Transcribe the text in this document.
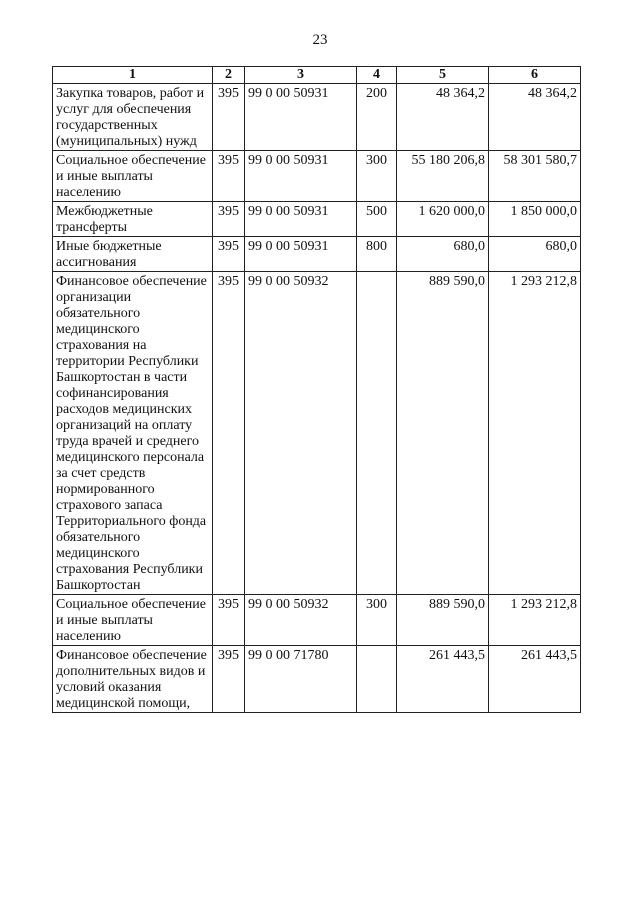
23
1	2	3	4	5	6
Закупка товаров, работ и услуг для обеспечения государственных (муниципальных) нужд	395	99 0 00 50931	200	48 364,2	48 364,2
Социальное обеспечение и иные выплаты населению	395	99 0 00 50931	300	55 180 206,8	58 301 580,7
Межбюджетные трансферты	395	99 0 00 50931	500	1 620 000,0	1 850 000,0
Иные бюджетные ассигнования	395	99 0 00 50931	800	680,0	680,0
Финансовое обеспечение организации обязательного медицинского страхования на территории Республики Башкортостан в части софинансирования расходов медицинских организаций на оплату труда врачей и среднего медицинского персонала за счет средств нормированного страхового запаса Территориального фонда обязательного медицинского страхования Республики Башкортостан	395	99 0 00 50932		889 590,0	1 293 212,8
Социальное обеспечение и иные выплаты населению	395	99 0 00 50932	300	889 590,0	1 293 212,8
Финансовое обеспечение дополнительных видов и условий оказания медицинской помощи,	395	99 0 00 71780		261 443,5	261 443,5
